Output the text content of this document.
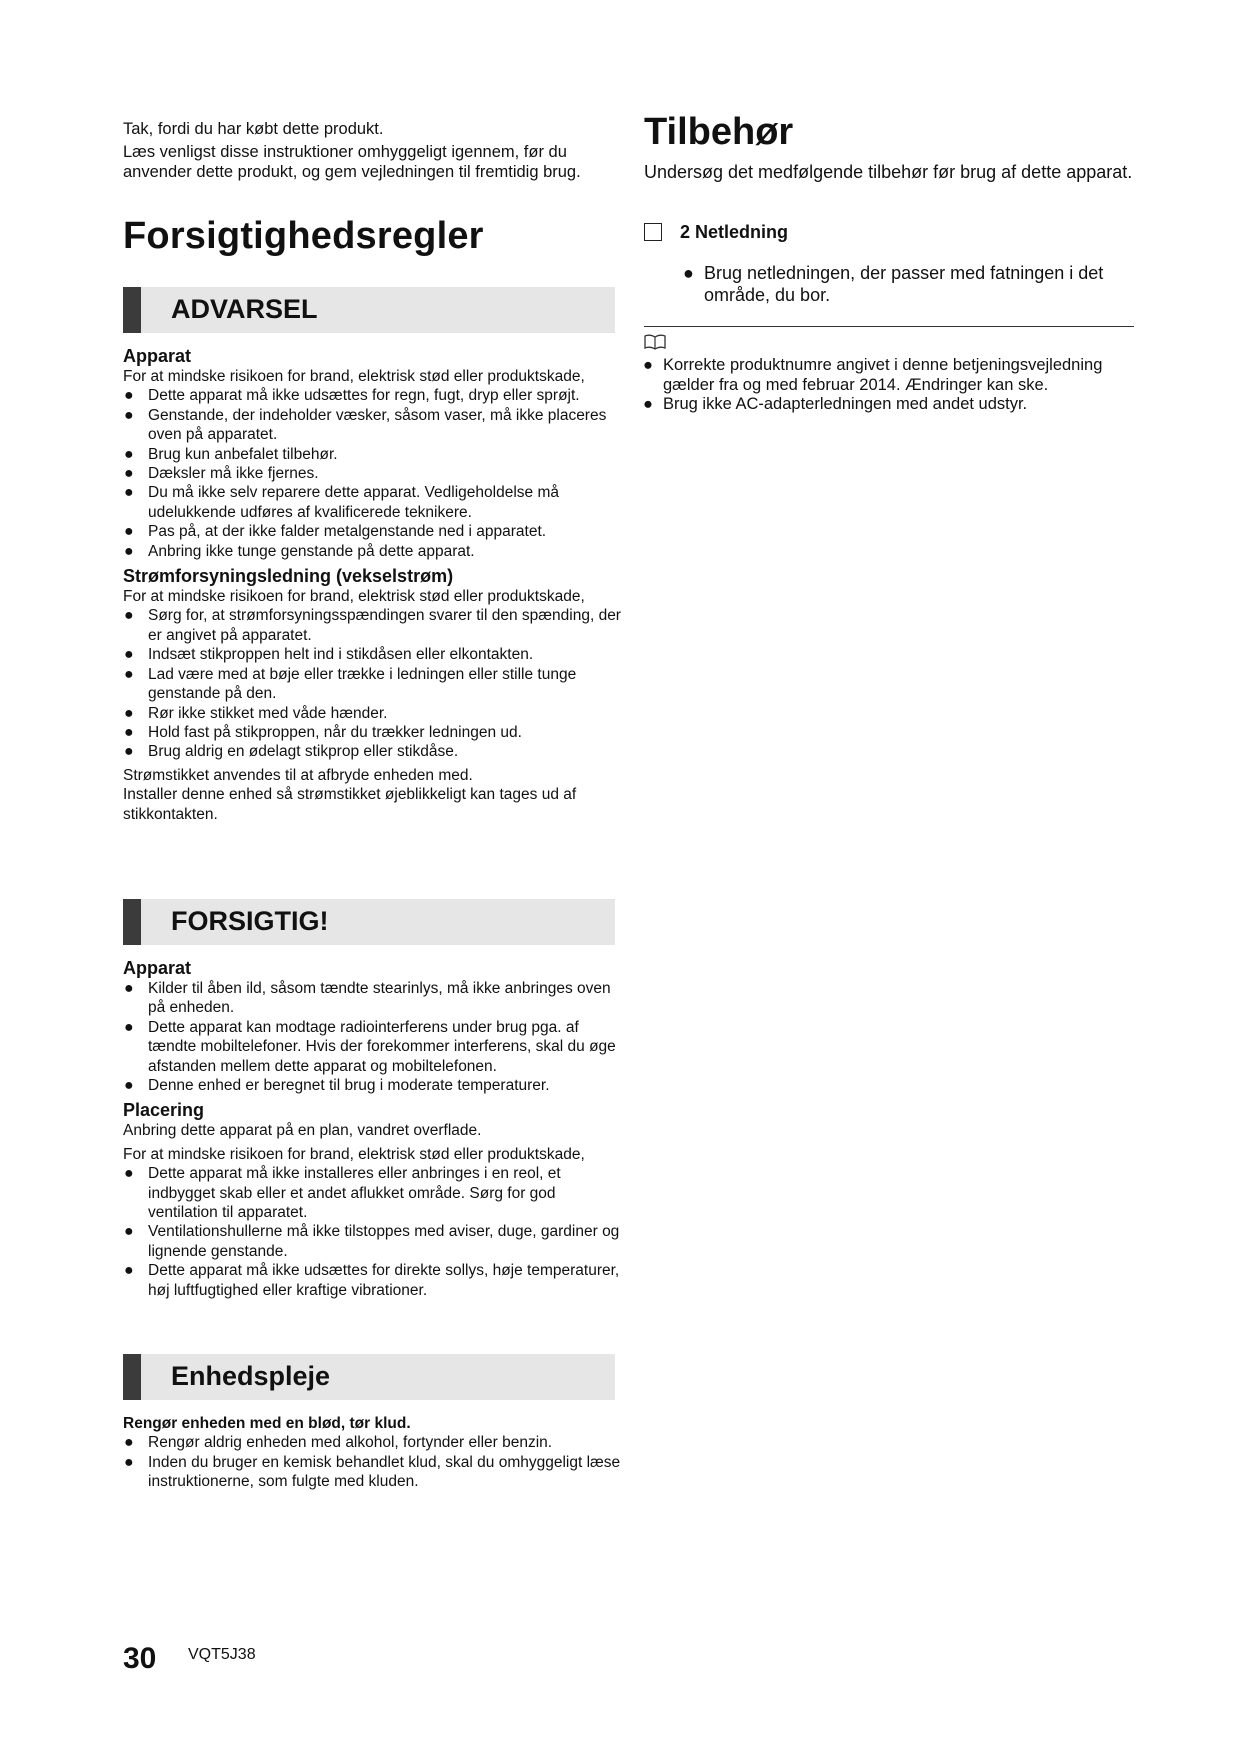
Tak, fordi du har købt dette produkt.

Læs venligst disse instruktioner omhyggeligt igennem, før du anvender dette produkt, og gem vejledningen til fremtidig brug.

Forsigtighedsregler
ADVARSEL
Apparat

For at mindske risikoen for brand, elektrisk stød eller produktskade,

● Dette apparat må ikke udsættes for regn, fugt, dryp eller sprøjt.
● Genstande, der indeholder væsker, såsom vaser, må ikke placeres oven på apparatet.
● Brug kun anbefalet tilbehør.
● Dæksler må ikke fjernes.
● Du må ikke selv reparere dette apparat. Vedligeholdelse må udelukkende udføres af kvalificerede teknikere.
● Pas på, at der ikke falder metalgenstande ned i apparatet.
● Anbring ikke tunge genstande på dette apparat.
Strømforsyningsledning (vekselstrøm)

For at mindske risikoen for brand, elektrisk stød eller produktskade,

● Sørg for, at strømforsyningsspændingen svarer til den spænding, der er angivet på apparatet.
● Indsæt stikproppen helt ind i stikdåsen eller elkontakten.
● Lad være med at bøje eller trække i ledningen eller stille tunge genstande på den.
● Rør ikke stikket med våde hænder.
● Hold fast på stikproppen, når du trækker ledningen ud.
● Brug aldrig en ødelagt stikprop eller stikdåse.

Strømstikket anvendes til at afbryde enheden med.

Installer denne enhed så strømstikket øjeblikkeligt kan tages ud af stikkontakten.

FORSIGTIG!
Apparat
● Kilder til åben ild, såsom tændte stearinlys, må ikke anbringes oven på enheden.
● Dette apparat kan modtage radiointerferens under brug pga. af tændte mobiltelefoner. Hvis der forekommer interferens, skal du øge afstanden mellem dette apparat og mobiltelefonen.
● Denne enhed er beregnet til brug i moderate temperaturer.
Placering

Anbring dette apparat på en plan, vandret overflade.

For at mindske risikoen for brand, elektrisk stød eller produktskade,

● Dette apparat må ikke installeres eller anbringes i en reol, et indbygget skab eller et andet aflukket område. Sørg for god ventilation til apparatet.
● Ventilationshullerne må ikke tilstoppes med aviser, duge, gardiner og lignende genstande.
● Dette apparat må ikke udsættes for direkte sollys, høje temperaturer, høj luftfugtighed eller kraftige vibrationer.
Enhedspleje

Rengør enheden med en blød, tør klud.

● Rengør aldrig enheden med alkohol, fortynder eller benzin.
● Inden du bruger en kemisk behandlet klud, skal du omhyggeligt læse instruktionerne, som fulgte med kluden.
Tilbehør
Undersøg det medfølgende tilbehør før brug af dette apparat.
2 Netledning
● Brug netledningen, der passer med fatningen i det område, du bor.
● Korrekte produktnumre angivet i denne betjeningsvejledning gælder fra og med februar 2014. Ændringer kan ske.
● Brug ikke AC-adapterledningen med andet udstyr.
30 VQT5J38
